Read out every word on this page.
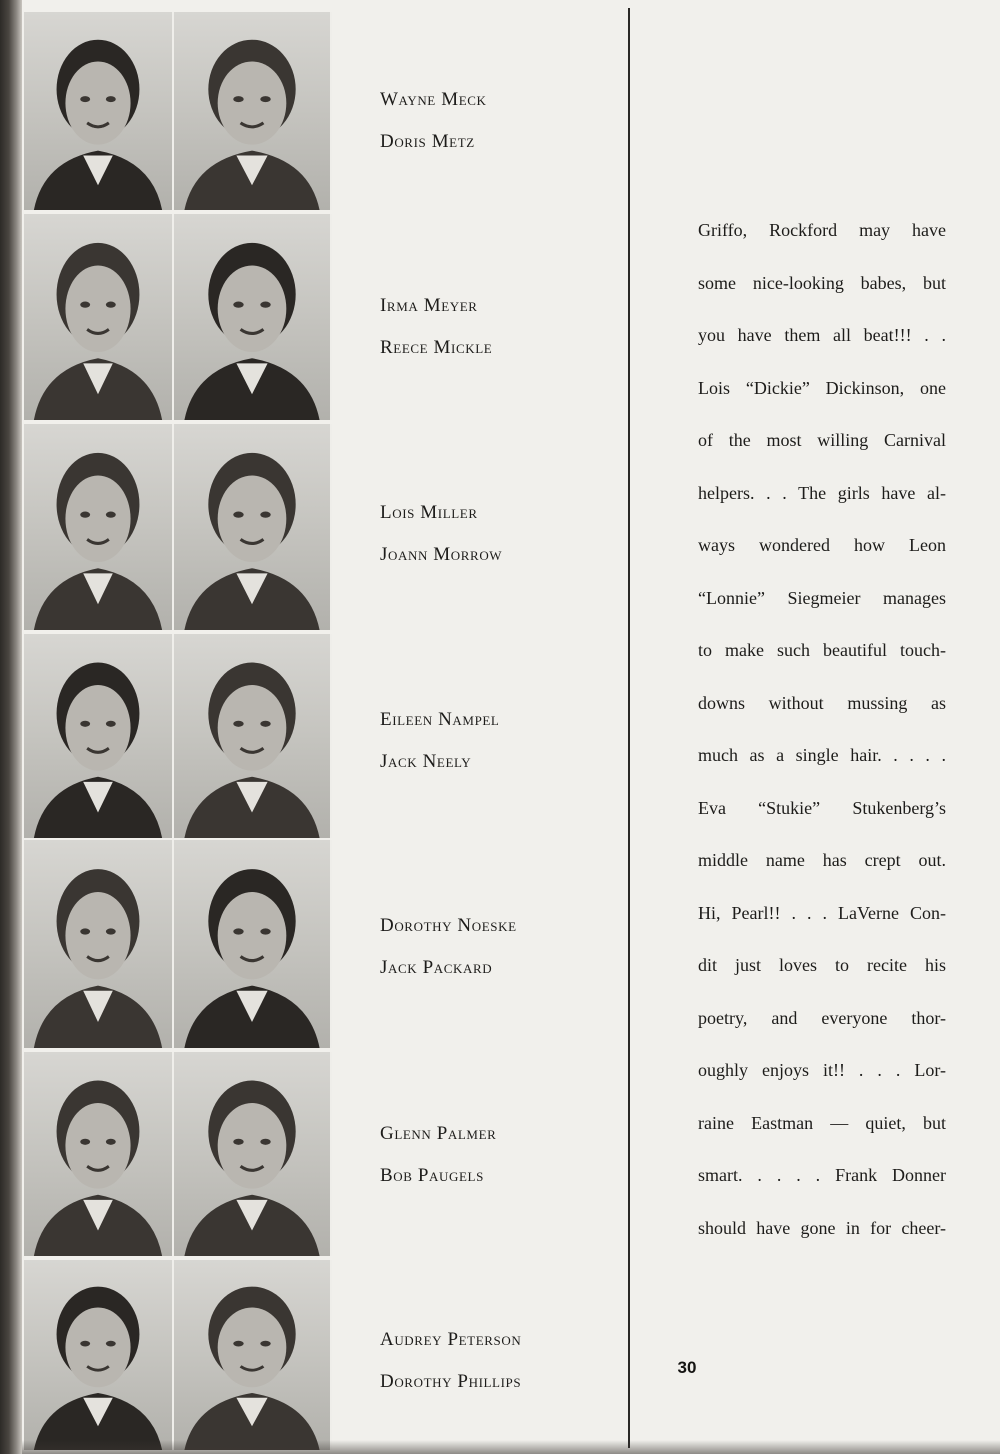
Wayne Meck
Doris Metz
Irma Meyer
Reece Mickle
Lois Miller
Joann Morrow
Eileen Nampel
Jack Neely
Dorothy Noeske
Jack Packard
Glenn Palmer
Bob Paugels
Audrey Peterson
Dorothy Phillips
Griffo, Rockford may have
some nice-looking babes, but
you have them all beat!!! . .
Lois “Dickie” Dickinson, one
of the most willing Carnival
helpers. . . The girls have al-
ways wondered how Leon
“Lonnie” Siegmeier manages
to make such beautiful touch-
downs without mussing as
much as a single hair. . . . .
Eva “Stukie” Stukenberg’s
middle name has crept out.
Hi, Pearl!! . . . LaVerne Con-
dit just loves to recite his
poetry, and everyone thor-
oughly enjoys it!! . . . Lor-
raine Eastman — quiet, but
smart. . . . . Frank Donner
should have gone in for cheer-
30
